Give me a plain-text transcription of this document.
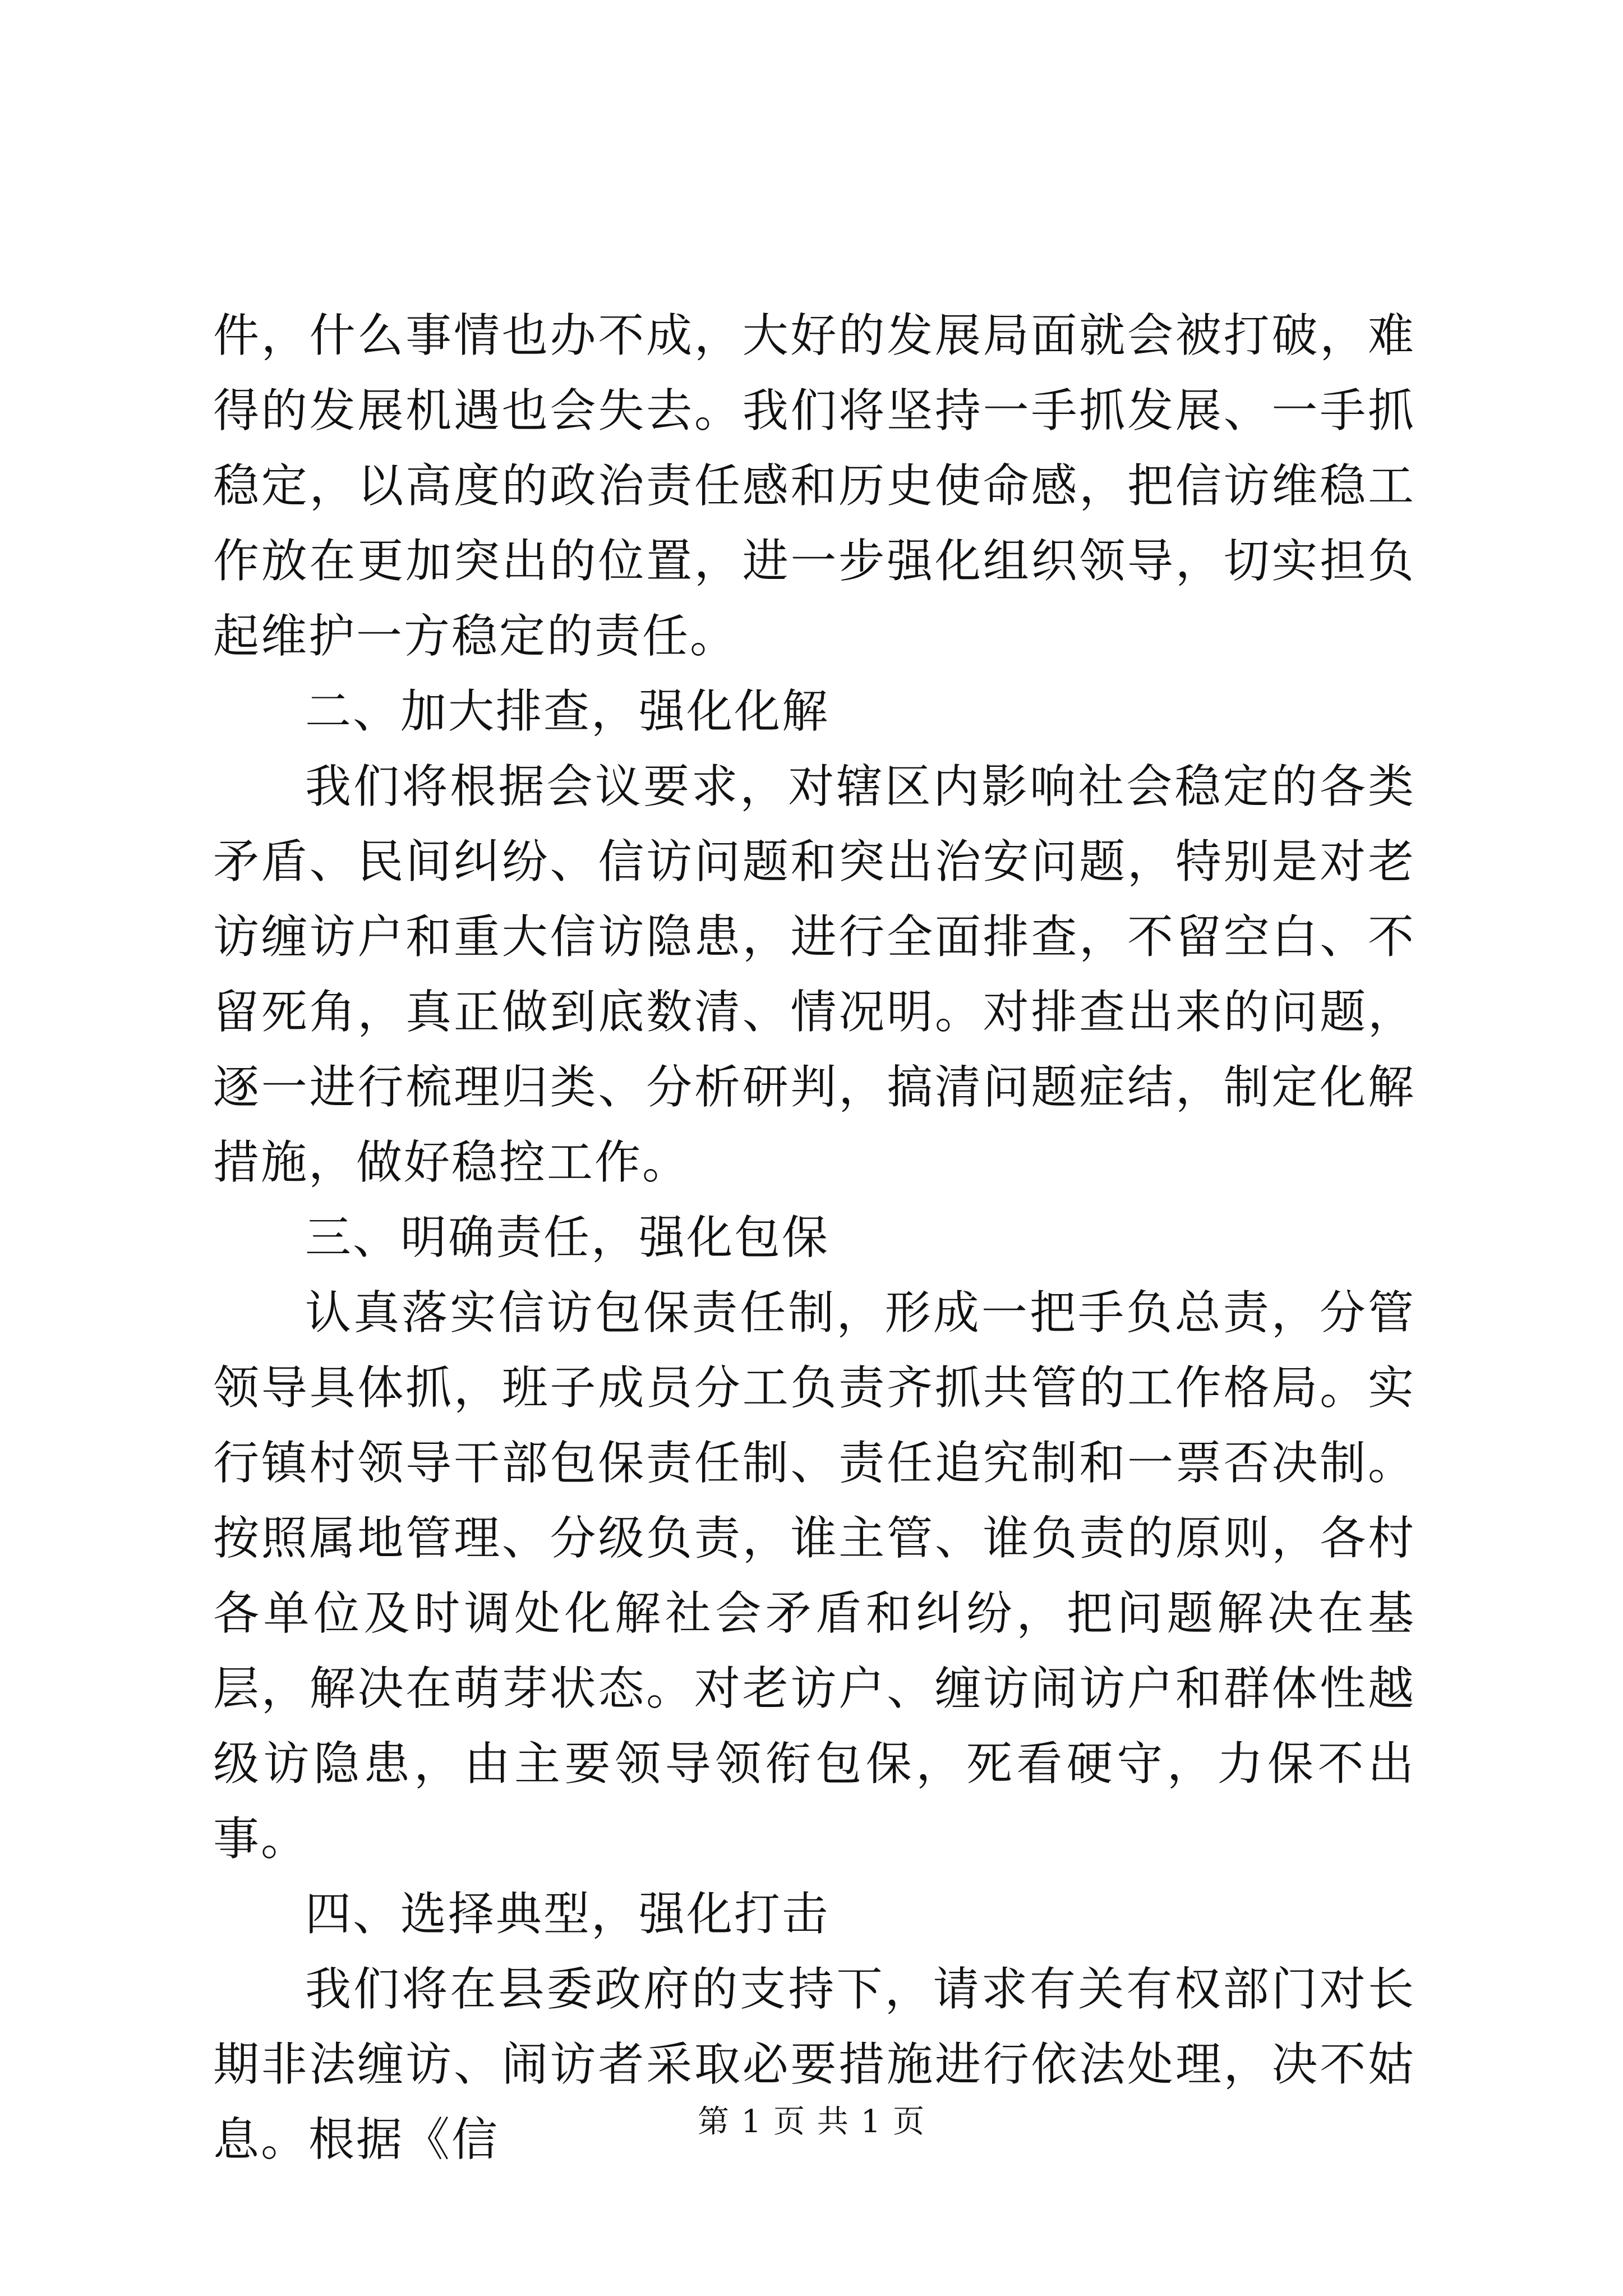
件，什么事情也办不成，大好的发展局面就会被打破，难得的发展机遇也会失去。我们将坚持一手抓发展、一手抓稳定，以高度的政治责任感和历史使命感，把信访维稳工作放在更加突出的位置，进一步强化组织领导，切实担负起维护一方稳定的责任。

二、加大排查，强化化解

我们将根据会议要求，对辖区内影响社会稳定的各类矛盾、民间纠纷、信访问题和突出治安问题，特别是对老访缠访户和重大信访隐患，进行全面排查，不留空白、不留死角，真正做到底数清、情况明。对排查出来的问题，逐一进行梳理归类、分析研判，搞清问题症结，制定化解措施，做好稳控工作。

三、明确责任，强化包保

认真落实信访包保责任制，形成一把手负总责，分管领导具体抓，班子成员分工负责齐抓共管的工作格局。实行镇村领导干部包保责任制、责任追究制和一票否决制。按照属地管理、分级负责，谁主管、谁负责的原则，各村各单位及时调处化解社会矛盾和纠纷，把问题解决在基层，解决在萌芽状态。对老访户、缠访闹访户和群体性越级访隐患，由主要领导领衔包保，死看硬守，力保不出事。

四、选择典型，强化打击

我们将在县委政府的支持下，请求有关有权部门对长期非法缠访、闹访者采取必要措施进行依法处理，决不姑息。根据《信	第 1 页 共 1 页
